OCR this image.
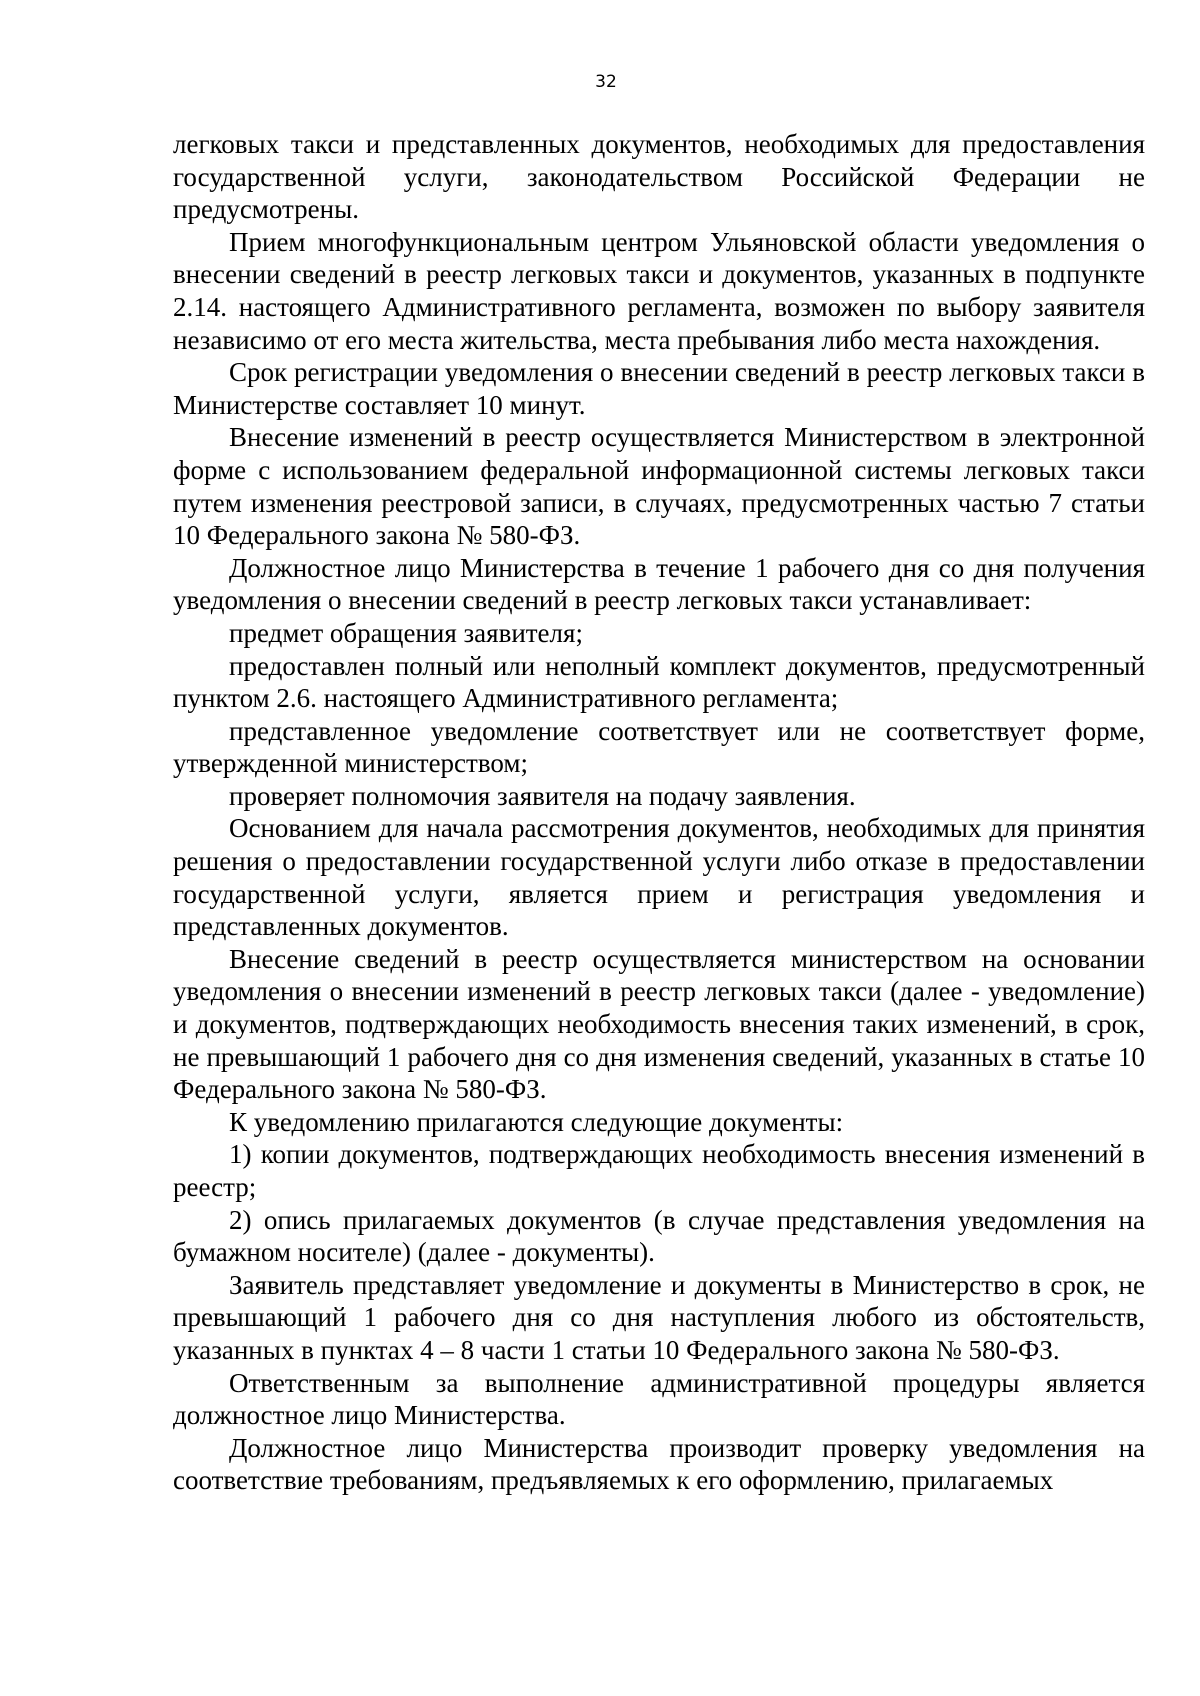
32

легковых такси и представленных документов, необходимых для предоставления государственной услуги, законодательством Российской Федерации не предусмотрены.

Прием многофункциональным центром Ульяновской области уведомления о внесении сведений в реестр легковых такси и документов, указанных в подпункте 2.14. настоящего Административного регламента, возможен по выбору заявителя независимо от его места жительства, места пребывания либо места нахождения.

Срок регистрации уведомления о внесении сведений в реестр легковых такси в Министерстве составляет 10 минут.

Внесение изменений в реестр осуществляется Министерством в электронной форме с использованием федеральной информационной системы легковых такси путем изменения реестровой записи, в случаях, предусмотренных частью 7 статьи 10 Федерального закона № 580-ФЗ.

Должностное лицо Министерства в течение 1 рабочего дня со дня получения уведомления о внесении сведений в реестр легковых такси устанавливает:

предмет обращения заявителя;

предоставлен полный или неполный комплект документов, предусмотренный пунктом 2.6. настоящего Административного регламента;

представленное уведомление соответствует или не соответствует форме, утвержденной министерством;

проверяет полномочия заявителя на подачу заявления.

Основанием для начала рассмотрения документов, необходимых для принятия решения о предоставлении государственной услуги либо отказе в предоставлении государственной услуги, является прием и регистрация уведомления и представленных документов.

Внесение сведений в реестр осуществляется министерством на основании уведомления о внесении изменений в реестр легковых такси (далее - уведомление) и документов, подтверждающих необходимость внесения таких изменений, в срок, не превышающий 1 рабочего дня со дня изменения сведений, указанных в статье 10 Федерального закона № 580-ФЗ.

К уведомлению прилагаются следующие документы:

1) копии документов, подтверждающих необходимость внесения изменений в реестр;

2) опись прилагаемых документов (в случае представления уведомления на бумажном носителе) (далее - документы).

Заявитель представляет уведомление и документы в Министерство в срок, не превышающий 1 рабочего дня со дня наступления любого из обстоятельств, указанных в пунктах 4 – 8 части 1 статьи 10 Федерального закона № 580-ФЗ.

Ответственным за выполнение административной процедуры является должностное лицо Министерства.

Должностное лицо Министерства производит проверку уведомления на соответствие требованиям, предъявляемых к его оформлению, прилагаемых
